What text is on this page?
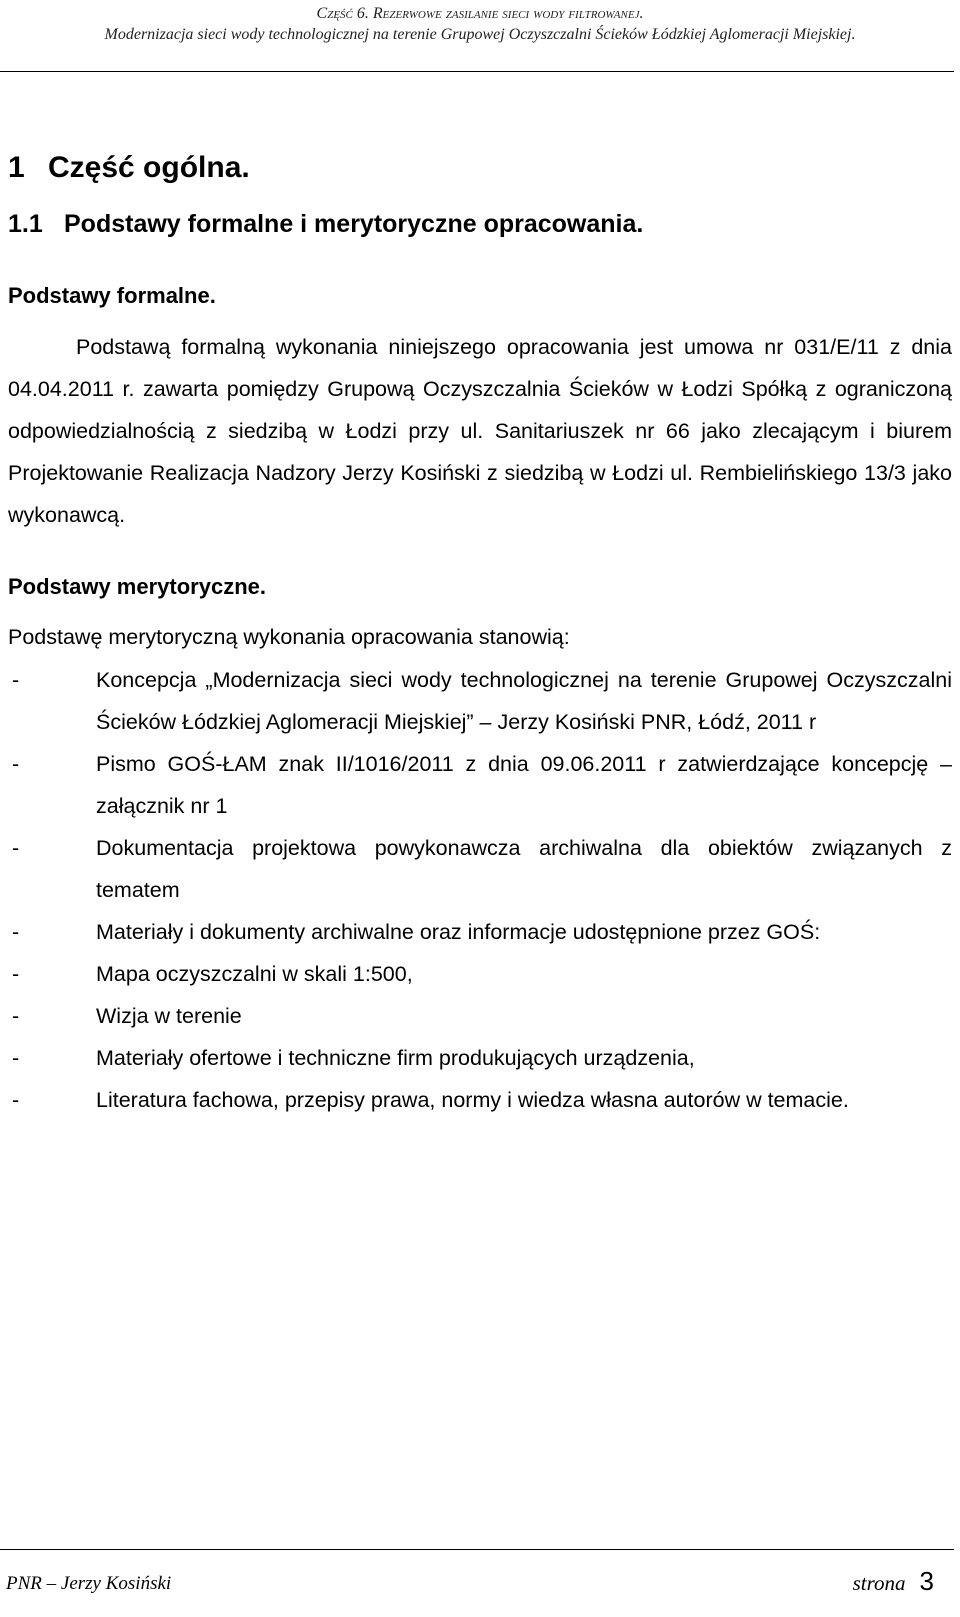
Część 6. Rezerwowe zasilanie sieci wody filtrowanej.
Modernizacja sieci wody technologicznej na terenie Grupowej Oczyszczalni Ścieków Łódzkiej Aglomeracji Miejskiej.
1 Część ogólna.
1.1 Podstawy formalne i merytoryczne opracowania.
Podstawy formalne.
Podstawą formalną wykonania niniejszego opracowania jest umowa nr 031/E/11 z dnia 04.04.2011 r. zawarta pomiędzy Grupową Oczyszczalnia Ścieków w Łodzi Spółką z ograniczoną odpowiedzialnością z siedzibą w Łodzi przy ul. Sanitariuszek nr 66 jako zlecającym i biurem Projektowanie Realizacja Nadzory Jerzy Kosiński z siedzibą w Łodzi ul. Rembielińskiego 13/3 jako wykonawcą.
Podstawy merytoryczne.
Podstawę merytoryczną wykonania opracowania stanowią:
-	Koncepcja „Modernizacja sieci wody technologicznej na terenie Grupowej Oczyszczalni Ścieków Łódzkiej Aglomeracji Miejskiej” – Jerzy Kosiński PNR, Łódź, 2011 r
-	Pismo GOŚ-ŁAM znak II/1016/2011 z dnia 09.06.2011 r zatwierdzające koncepcję – załącznik nr 1
-	Dokumentacja projektowa powykonawcza archiwalna dla obiektów związanych z tematem
-	Materiały i dokumenty archiwalne oraz informacje udostępnione przez GOŚ:
-	Mapa oczyszczalni w skali 1:500,
-	Wizja w terenie
-	Materiały ofertowe i techniczne firm produkujących urządzenia,
-	Literatura fachowa, przepisy prawa, normy i wiedza własna autorów w temacie.
PNR – Jerzy Kosiński	strona 3
